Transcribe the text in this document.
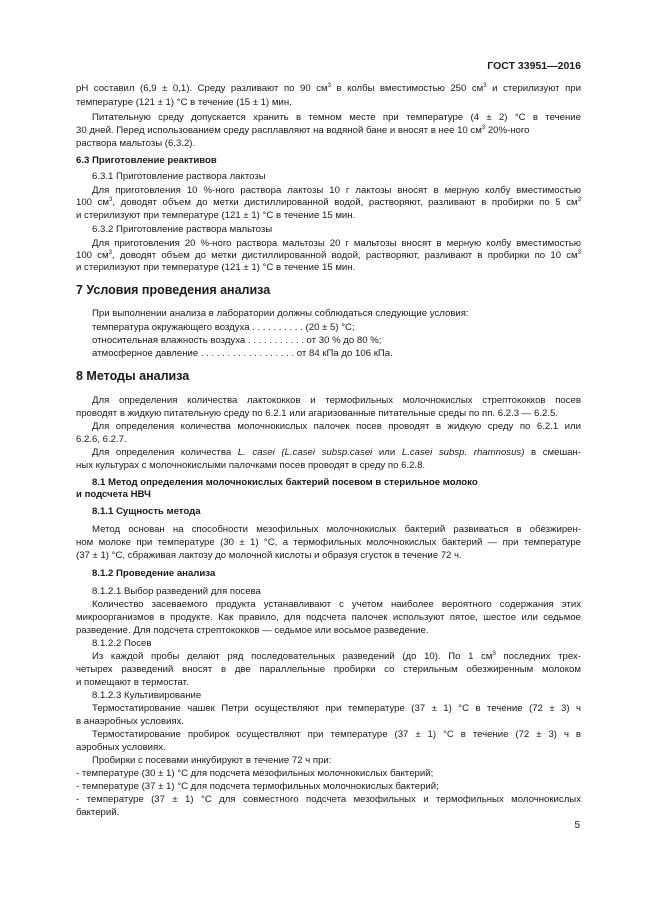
ГОСТ 33951—2016
pH составил (6,9 ± 0,1). Среду разливают по 90 $см^3$ в колбы вместимостью 250 $см^3$ и стерилизуют при
температуре (121 ± 1) °С в течение (15 ± 1) мин.
Питательную среду допускается хранить в темном месте при температуре (4 ± 2) °С в течение
30 дней. Перед использованием среду расплавляют на водяной бане и вносят в нее 10 $см^3$ 20%-ного
раствора мальтозы (6.3.2).
6.3 Приготовление реактивов
6.3.1 Приготовление раствора лактозы
Для приготовления 10 %-ного раствора лактозы 10 г лактозы вносят в мерную колбу вместимостью
100 $см^3$, доводят объем до метки дистиллированной водой, растворяют, разливают в пробирки по 5 $см^3$
и стерилизуют при температуре (121 ± 1) °С в течение 15 мин.
6.3.2 Приготовление раствора мальтозы
Для приготовления 20 %-ного раствора мальтозы 20 г мальтозы вносят в мерную колбу вместимостью
100 $см^3$, доводят объем до метки дистиллированной водой, растворяют, разливают в пробирки по 10 $см^3$
и стерилизуют при температуре (121 ± 1) °С в течение 15 мин.
7 Условия проведения анализа
При выполнении анализа в лаборатории должны соблюдаться следующие условия:
температура окружающего воздуха . . . . . . . . . . (20 ± 5) °С;
относительная влажность воздуха . . . . . . . . . . . от 30 % до 80 %;
атмосферное давление . . . . . . . . . . . . . . . . . . от 84 кПа до 106 кПа.
8 Методы анализа
Для определения количества лактококков и термофильных молочнокислых стрептококков посев
проводят в жидкую питательную среду по 6.2.1 или агаризованные питательные среды по пп. 6.2.3 — 6.2.5.
Для определения количества молочнокислых палочек посев проводят в жидкую среду по 6.2.1 или
6.2.6, 6.2.7.
Для определения количества L. casei (L.casei subsp.casei или L.casei subsp. rhamnosus) в смешан-
ных культурах с молочнокислыми палочками посев проводят в среду по 6.2.8.
8.1 Метод определения молочнокислых бактерий посевом в стерильное молоко
и подсчета НВЧ
8.1.1 Сущность метода
Метод основан на способности мезофильных молочнокислых бактерий развиваться в обезжирен-
ном молоке при температуре (30 ± 1) °С, а термофильных молочнокислых бактерий — при температуре
(37 ± 1) °С, сбраживая лактозу до молочной кислоты и образуя сгусток в течение 72 ч.
8.1.2 Проведение анализа
8.1.2.1 Выбор разведений для посева
Количество засеваемого продукта устанавливают с учетом наиболее вероятного содержания этих
микроорганизмов в продукте. Как правило, для подсчета палочек используют пятое, шестое или седьмое
разведение. Для подсчета стрептококков — седьмое или восьмое разведение.
8.1.2.2 Посев
Из каждой пробы делают ряд последовательных разведений (до 10). По 1 $см^3$ последних трех-
четырех разведений вносят в две параллельные пробирки со стерильным обезжиренным молоком
и помещают в термостат.
8.1.2.3 Культивирование
Термостатирование чашек Петри осуществляют при температуре (37 ± 1) °С в течение (72 ± 3) ч
в анаэробных условиях.
Термостатирование пробирок осуществляют при температуре (37 ± 1) °С в течение (72 ± 3) ч в
аэробных условиях.
Пробирки с посевами инкубируют в течение 72 ч при:
- температуре (30 ± 1) °С для подсчета мезофильных молочнокислых бактерий;
- температуре (37 ± 1) °С для подсчета термофильных молочнокислых бактерий;
- температуре (37 ± 1) °С для совместного подсчета мезофильных и термофильных молочнокислых
бактерий.
5
